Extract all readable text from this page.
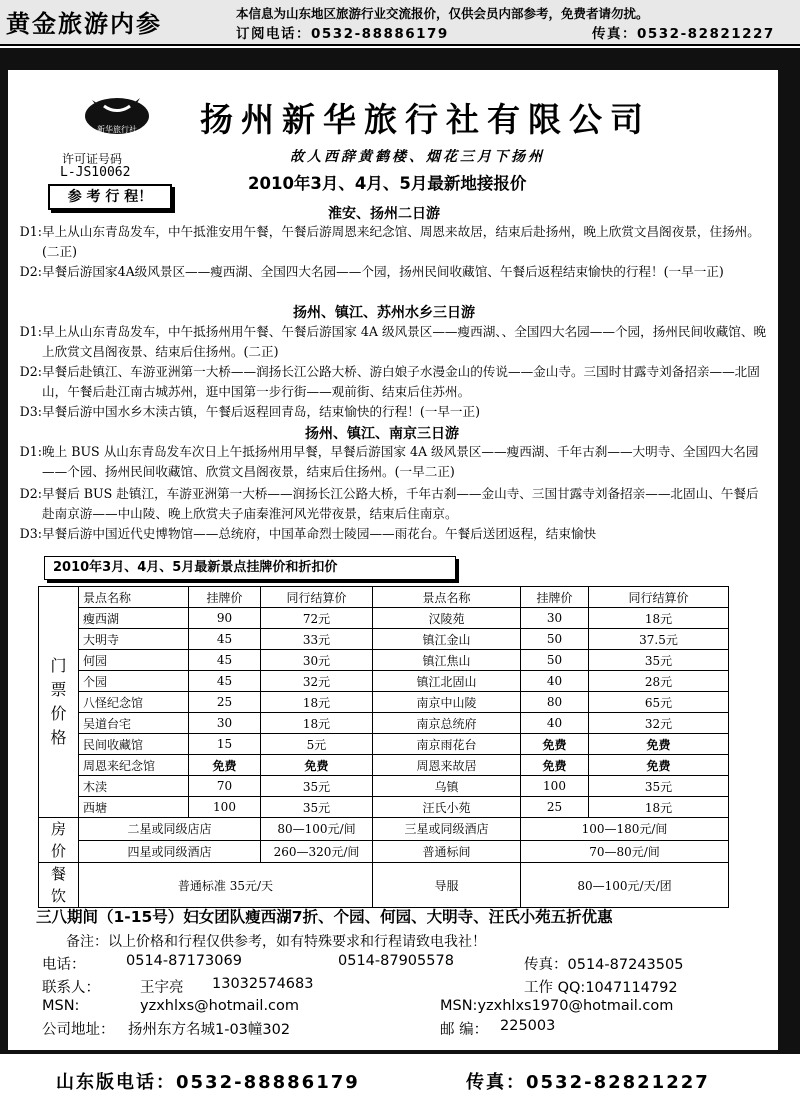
黄金旅游内参	本信息为山东地区旅游行业交流报价，仅供会员内部参考，免费者请勿扰。
订阅电话：0532-88886179	传真：0532-82821227
新华旅行社
许可证号码
L-JS10062
参 考 行 程！
扬州新华旅行社有限公司
故人西辞黄鹤楼、烟花三月下扬州
2010年3月、4月、5月最新地接报价
淮安、扬州二日游
D1: 早上从山东青岛发车，中午抵淮安用午餐，午餐后游周恩来纪念馆、周恩来故居，结束后赴扬州，晚上欣赏文昌阁夜景，住扬州。(二正)
D2: 早餐后游国家4A级风景区——瘦西湖、全国四大名园——个园，扬州民间收藏馆、午餐后返程结束愉快的行程！(一早一正)
扬州、镇江、苏州水乡三日游
D1: 早上从山东青岛发车，中午抵扬州用午餐、午餐后游国家 4A 级风景区——瘦西湖、、全国四大名园——个园，扬州民间收藏馆、晚上欣赏文昌阁夜景、结束后住扬州。(二正)
D2: 早餐后赴镇江、车游亚洲第一大桥——润扬长江公路大桥、游白娘子水漫金山的传说——金山寺。三国时甘露寺刘备招亲——北固山，午餐后赴江南古城苏州，逛中国第一步行街——观前街、结束后住苏州。
D3: 早餐后游中国水乡木渎古镇，午餐后返程回青岛，结束愉快的行程！(一早一正)
扬州、镇江、南京三日游
D1: 晚上 BUS 从山东青岛发车次日上午抵扬州用早餐，早餐后游国家 4A 级风景区——瘦西湖、千年古刹——大明寺、全国四大名园——个园、扬州民间收藏馆、欣赏文昌阁夜景，结束后住扬州。(一早二正)
D2: 早餐后 BUS 赴镇江，车游亚洲第一大桥——润扬长江公路大桥，千年古刹——金山寺、三国甘露寺刘备招亲——北固山、午餐后赴南京游——中山陵、晚上欣赏夫子庙秦淮河风光带夜景，结束后住南京。
D3: 早餐后游中国近代史博物馆——总统府，中国革命烈士陵园——雨花台。午餐后送团返程，结束愉快
2010年3月、4月、5月最新景点挂牌价和折扣价
门
票
价
格	景点名称	挂牌价	同行结算价	景点名称	挂牌价	同行结算价
	瘦西湖	90	72元	汉陵苑	30	18元
	大明寺	45	33元	镇江金山	50	37.5元
	何园	45	30元	镇江焦山	50	35元
	个园	45	32元	镇江北固山	40	28元
	八怪纪念馆	25	18元	南京中山陵	80	65元
	吴道台宅	30	18元	南京总统府	40	32元
	民间收藏馆	15	5元	南京雨花台	免费	免费
	周恩来纪念馆	免费	免费	周恩来故居	免费	免费
	木渎	70	35元	乌镇	100	35元
	西塘	100	35元	汪氏小苑	25	18元

房
价	二星或同级店店		80—100元/间	三星或同级酒店	100—180元/间	
	四星或同级酒店		260—320元/间	普通标间	70—80元/间	

餐
饮	普通标准 35元/天			导服	80—100元/天/团	
三八期间（1-15号）妇女团队瘦西湖7折、个园、何园、大明寺、汪氏小苑五折优惠
备注：以上价格和行程仅供参考，如有特殊要求和行程请致电我社！
电话：	0514-87173069	0514-87905578	传真：0514-87243505
联系人：	王宇亮 13032574683	工作 QQ:1047114792
MSN:	yzxhlxs@hotmail.com	MSN:yzxhlxs1970@hotmail.com
公司地址： 扬州东方名城1-03幢302	邮 编： 225003
山东版电话：0532-88886179	传真：0532-82821227
